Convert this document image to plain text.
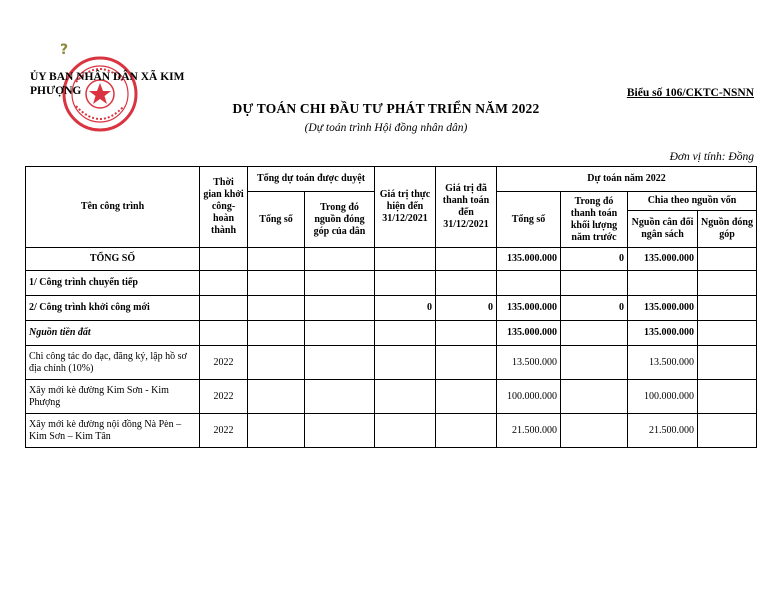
?
ỦY BAN NHÂN DÂN XÃ KIM PHƯỢNG	Biểu số 106/CKTC-NSNN
DỰ TOÁN CHI ĐẦU TƯ PHÁT TRIỂN NĂM 2022
(Dự toán trình Hội đồng nhân dân)
Đơn vị tính: Đồng
Tên công trình	Thời gian khởi công-hoàn thành	Tổng dự toán được duyệt		Giá trị thực hiện đến 31/12/2021	Giá trị đã thanh toán đến 31/12/2021	Dự toán năm 2022			
		Tổng số	Trong đó nguồn đóng góp của dân			Tổng số	Trong đó thanh toán khối lượng năm trước	Chia theo nguồn vốn	
								Nguồn cân đối ngân sách	Nguồn đóng góp
TỔNG SỐ						135.000.000	0	135.000.000	
1/ Công trình chuyển tiếp									
2/ Công trình khởi công mới				0	0	135.000.000	0	135.000.000	
Nguồn tiền đất						135.000.000		135.000.000	
Chi công tác đo đạc, đăng ký, lập hồ sơ địa chính (10%)	2022					13.500.000		13.500.000	
Xây mới kè đường Kim Sơn - Kim Phượng	2022					100.000.000		100.000.000	
Xây mới kè đường nội đồng Nà Pèn – Kim Sơn – Kim Tân	2022					21.500.000		21.500.000	
